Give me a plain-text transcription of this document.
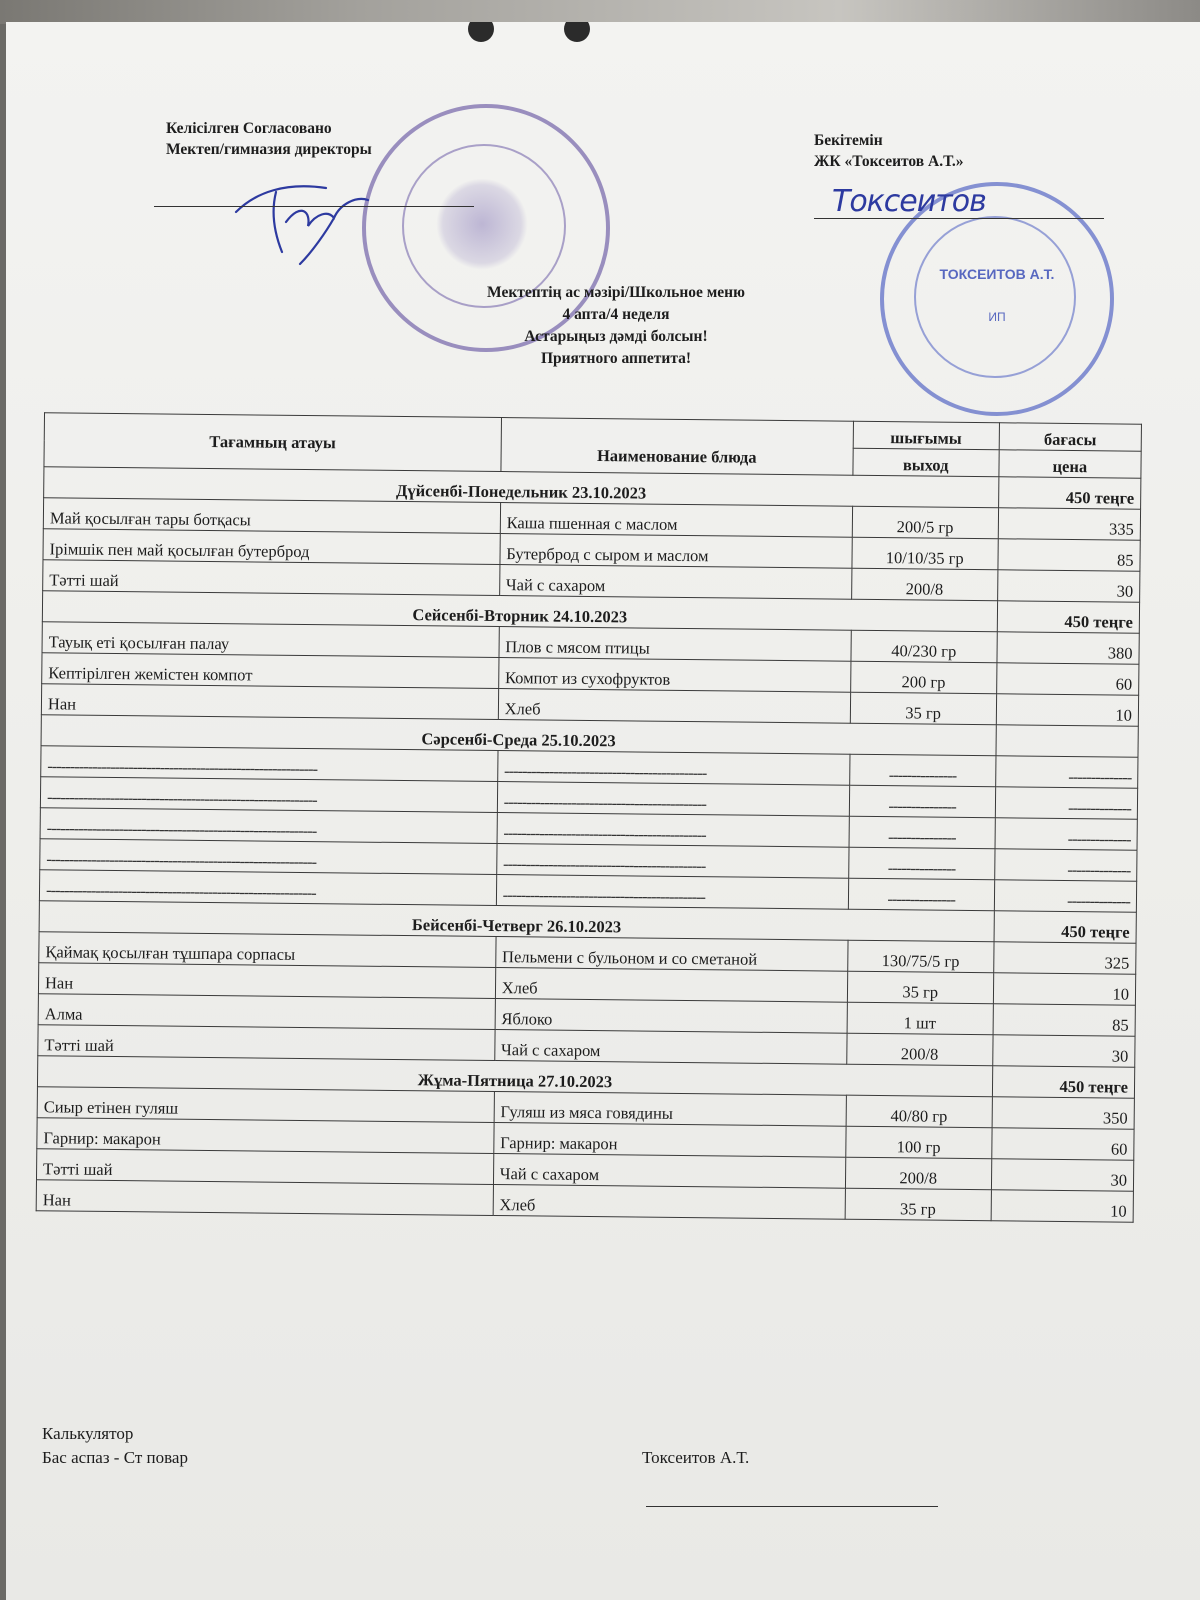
Келісілген Согласовано
Мектеп/гимназия директоры
Бекітемін
ЖК «Токсеитов А.Т.»
ТОКСЕИТОВ А.Т.
ИП
Токсеитов
Мектептің ас мәзірі/Школьное меню
4 апта/4 неделя
Астарыңыз дәмді болсын!
Приятного аппетита!
Тағамның атауы	Наименование блюда	шығымы	бағасы
		выход	цена
Дүйсенбі-Понедельник 23.10.2023			450 теңге
Май қосылған тары ботқасы	Каша пшенная с маслом	200/5 гр	335
Ірімшік пен май қосылған бутерброд	Бутерброд с сыром и маслом	10/10/35 гр	85
Тәтті шай	Чай с сахаром	200/8	30
Сейсенбі-Вторник 24.10.2023			450 теңге
Тауық еті қосылған палау	Плов с мясом птицы	40/230 гр	380
Кептірілген жемістен компот	Компот из сухофруктов	200 гр	60
Нан	Хлеб	35 гр	10
Сәрсенбі-Среда 25.10.2023			
------------------------------------------------------------	---------------------------------------------	---------------	--------------
------------------------------------------------------------	---------------------------------------------	---------------	--------------
------------------------------------------------------------	---------------------------------------------	---------------	--------------
------------------------------------------------------------	---------------------------------------------	---------------	--------------
------------------------------------------------------------	---------------------------------------------	---------------	--------------
Бейсенбі-Четверг 26.10.2023			450 теңге
Қаймақ қосылған тұшпара сорпасы	Пельмени с бульоном и со сметаной	130/75/5 гр	325
Нан	Хлеб	35 гр	10
Алма	Яблоко	1 шт	85
Тәтті шай	Чай с сахаром	200/8	30
Жұма-Пятница 27.10.2023			450 теңге
Сиыр етінен гуляш	Гуляш из мяса говядины	40/80 гр	350
Гарнир: макарон	Гарнир: макарон	100 гр	60
Тәтті шай	Чай с сахаром	200/8	30
Нан	Хлеб	35 гр	10
Калькулятор
Бас аспаз - Ст повар	Токсеитов А.Т.
